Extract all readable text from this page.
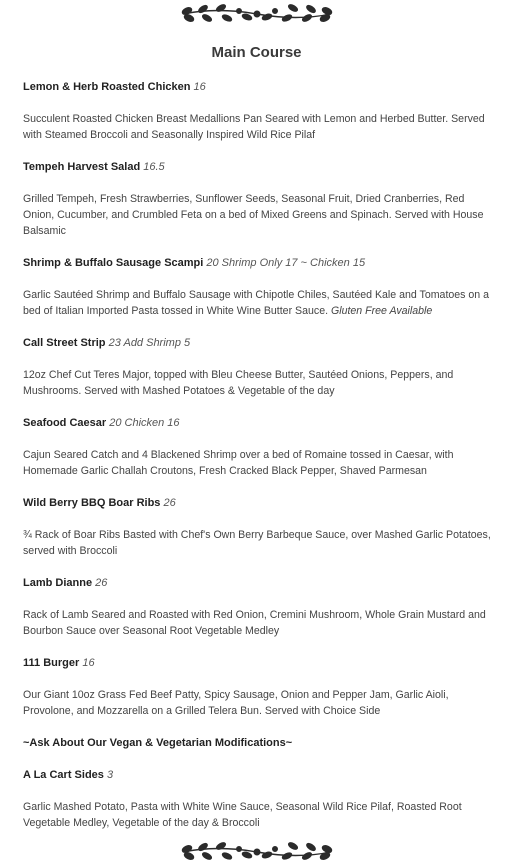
Main Course

Lemon & Herb Roasted Chicken 16

Succulent Roasted Chicken Breast Medallions Pan Seared with Lemon and Herbed Butter. Served with Steamed Broccoli and Seasonally Inspired Wild Rice Pilaf

Tempeh Harvest Salad 16.5

Grilled Tempeh, Fresh Strawberries, Sunflower Seeds, Seasonal Fruit, Dried Cranberries, Red Onion, Cucumber, and Crumbled Feta on a bed of Mixed Greens and Spinach. Served with House Balsamic

Shrimp & Buffalo Sausage Scampi 20 Shrimp Only 17 ~ Chicken 15

Garlic Sautéed Shrimp and Buffalo Sausage with Chipotle Chiles, Sautéed Kale and Tomatoes on a bed of Italian Imported Pasta tossed in White Wine Butter Sauce. Gluten Free Available

Call Street Strip 23 Add Shrimp 5

12oz Chef Cut Teres Major, topped with Bleu Cheese Butter, Sautéed Onions, Peppers, and Mushrooms. Served with Mashed Potatoes & Vegetable of the day

Seafood Caesar 20 Chicken 16

Cajun Seared Catch and 4 Blackened Shrimp over a bed of Romaine tossed in Caesar, with Homemade Garlic Challah Croutons, Fresh Cracked Black Pepper, Shaved Parmesan

Wild Berry BBQ Boar Ribs 26

¾ Rack of Boar Ribs Basted with Chef's Own Berry Barbeque Sauce, over Mashed Garlic Potatoes, served with Broccoli

Lamb Dianne 26

Rack of Lamb Seared and Roasted with Red Onion, Cremini Mushroom, Whole Grain Mustard and Bourbon Sauce over Seasonal Root Vegetable Medley

111 Burger 16

Our Giant 10oz Grass Fed Beef Patty, Spicy Sausage, Onion and Pepper Jam, Garlic Aioli, Provolone, and Mozzarella on a Grilled Telera Bun. Served with Choice Side

~Ask About Our Vegan & Vegetarian Modifications~

A La Cart Sides 3

Garlic Mashed Potato, Pasta with White Wine Sauce, Seasonal Wild Rice Pilaf, Roasted Root Vegetable Medley, Vegetable of the day & Broccoli
